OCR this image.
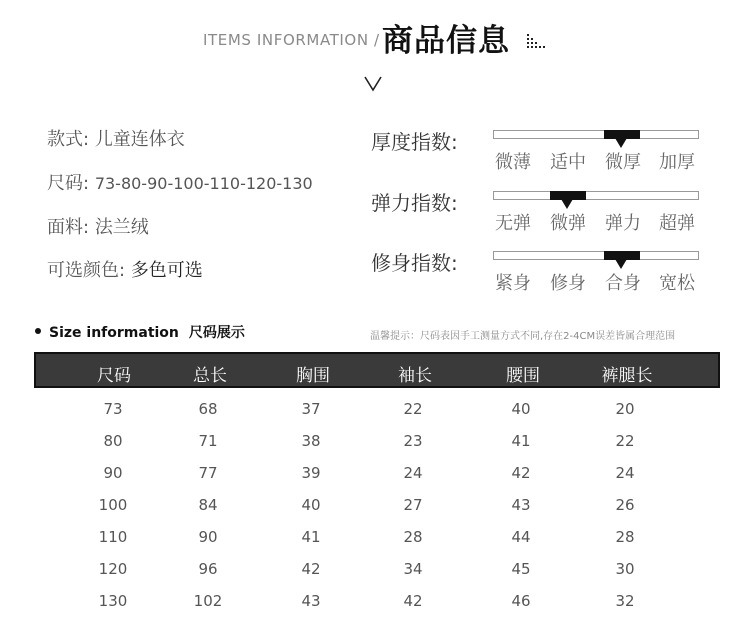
ITEMS INFORMATION / 商品信息
款式: 儿童连体衣
尺码: 73-80-90-100-110-120-130
面料: 法兰绒
可选颜色: 多色可选
厚度指数:
微薄 适中 微厚 加厚
弹力指数:
无弹 微弹 弹力 超弹
修身指数:
紧身 修身 合身 宽松
Size information 尺码展示	温馨提示：尺码表因手工测量方式不同,存在2-4CM误差皆属合理范围
尺码	总长	胸围	袖长	腰围	裤腿长
73	68	37	22	40	20
80	71	38	23	41	22
90	77	39	24	42	24
100	84	40	27	43	26
110	90	41	28	44	28
120	96	42	34	45	30
130	102	43	42	46	32
